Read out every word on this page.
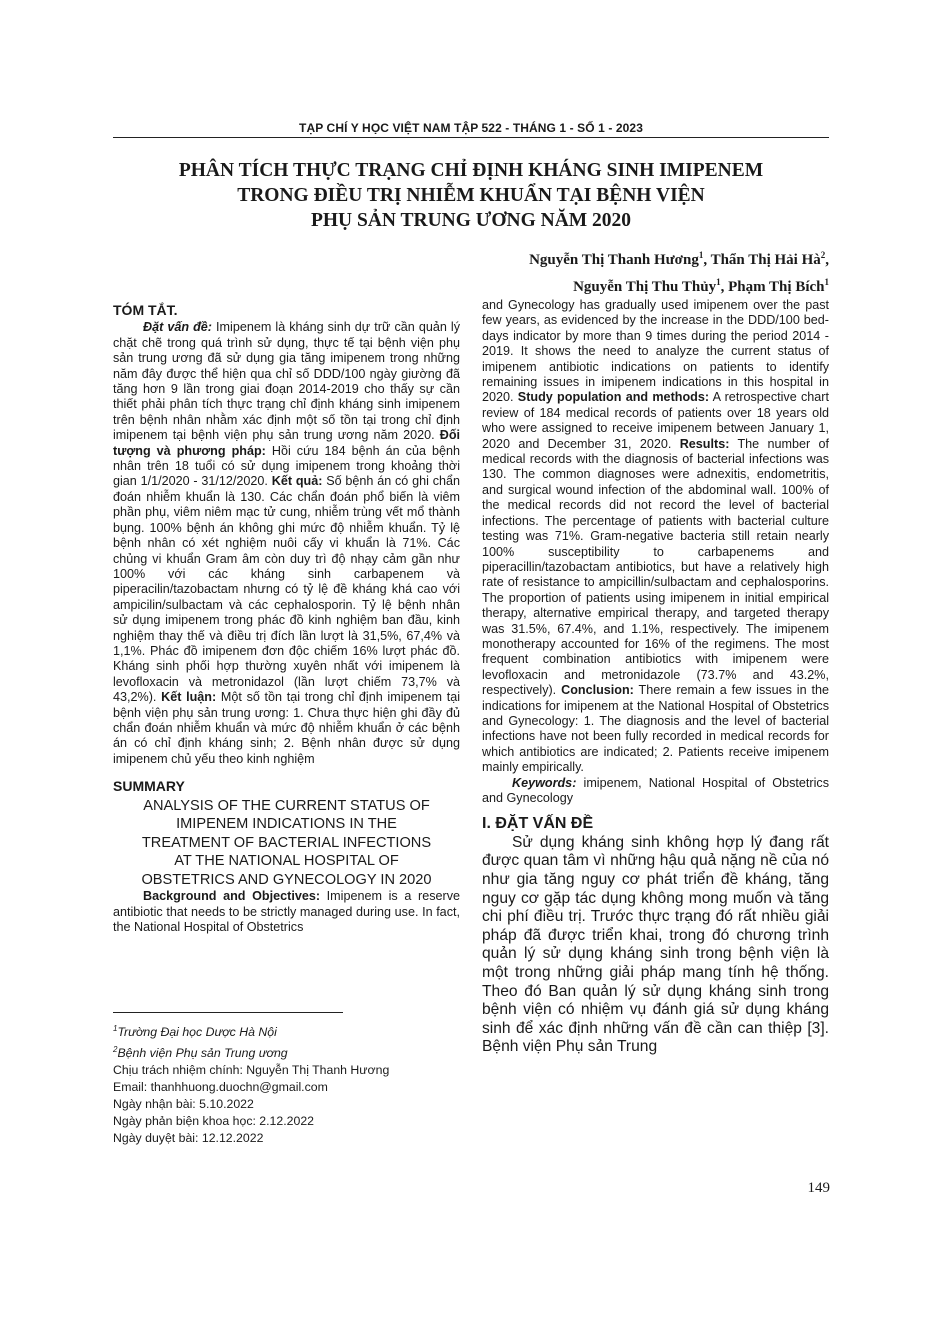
TẠP CHÍ Y HỌC VIỆT NAM TẬP 522 - THÁNG 1 - SỐ 1 - 2023
PHÂN TÍCH THỰC TRẠNG CHỈ ĐỊNH KHÁNG SINH IMIPENEM
TRONG ĐIỀU TRỊ NHIỄM KHUẨN TẠI BỆNH VIỆN
PHỤ SẢN TRUNG ƯƠNG NĂM 2020
Nguyễn Thị Thanh Hương$^1$, Thẩn Thị Hải $Hà^2$,
Nguyễn Thị Thu Thủy$^1$, Phạm Thị Bích$^1$
TÓM TẮT.

Đặt vấn đề: Imipenem là kháng sinh dự trữ cần quản lý chặt chẽ trong quá trình sử dụng, thực tế tại bệnh viện phụ sản trung ương đã sử dụng gia tăng imipenem trong những năm đây được thể hiện qua chỉ số DDD/100 ngày giường đã tăng hơn 9 lần trong giai đoạn 2014-2019 cho thấy sự cần thiết phải phân tích thực trạng chỉ định kháng sinh imipenem trên bệnh nhân nhằm xác định một số tồn tại trong chỉ định imipenem tại bệnh viện phụ sản trung ương năm 2020. Đối tượng và phương pháp: Hồi cứu 184 bệnh án của bệnh nhân trên 18 tuổi có sử dụng imipenem trong khoảng thời gian 1/1/2020 - 31/12/2020. Kết quả: Số bệnh án có ghi chẩn đoán nhiễm khuẩn là 130. Các chẩn đoán phổ biến là viêm phần phụ, viêm niêm mạc tử cung, nhiễm trùng vết mổ thành bụng. 100% bệnh án không ghi mức độ nhiễm khuẩn. Tỷ lệ bệnh nhân có xét nghiệm nuôi cấy vi khuẩn là 71%. Các chủng vi khuẩn Gram âm còn duy trì độ nhạy cảm gần như 100% với các kháng sinh carbapenem và piperacilin/tazobactam nhưng có tỷ lệ đề kháng khá cao với ampicilin/sulbactam và các cephalosporin. Tỷ lệ bệnh nhân sử dụng imipenem trong phác đồ kinh nghiệm ban đầu, kinh nghiệm thay thế và điều trị đích lần lượt là 31,5%, 67,4% và 1,1%. Phác đồ imipenem đơn độc chiếm 16% lượt phác đồ. Kháng sinh phối hợp thường xuyên nhất với imipenem là levofloxacin và metronidazol (lần lượt chiếm 73,7% và 43,2%). Kết luận: Một số tồn tại trong chỉ định imipenem tại bệnh viện phụ sản trung ương: 1. Chưa thực hiện ghi đầy đủ chẩn đoán nhiễm khuẩn và mức độ nhiễm khuẩn ở các bệnh án có chỉ định kháng sinh; 2. Bệnh nhân được sử dụng imipenem chủ yếu theo kinh nghiệm

SUMMARY
ANALYSIS OF THE CURRENT STATUS OF
IMIPENEM INDICATIONS IN THE
TREATMENT OF BACTERIAL INFECTIONS
AT THE NATIONAL HOSPITAL OF
OBSTETRICS AND GYNECOLOGY IN 2020

Background and Objectives: Imipenem is a reserve antibiotic that needs to be strictly managed during use. In fact, the National Hospital of Obstetrics

and Gynecology has gradually used imipenem over the past few years, as evidenced by the increase in the DDD/100 bed-days indicator by more than 9 times during the period 2014 - 2019. It shows the need to analyze the current status of imipenem antibiotic indications on patients to identify remaining issues in imipenem indications in this hospital in 2020. Study population and methods: A retrospective chart review of 184 medical records of patients over 18 years old who were assigned to receive imipenem between January 1, 2020 and December 31, 2020. Results: The number of medical records with the diagnosis of bacterial infections was 130. The common diagnoses were adnexitis, endometritis, and surgical wound infection of the abdominal wall. 100% of the medical records did not record the level of bacterial infections. The percentage of patients with bacterial culture testing was 71%. Gram-negative bacteria still retain nearly 100% susceptibility to carbapenems and piperacillin/tazobactam antibiotics, but have a relatively high rate of resistance to ampicillin/sulbactam and cephalosporins. The proportion of patients using imipenem in initial empirical therapy, alternative empirical therapy, and targeted therapy was 31.5%, 67.4%, and 1.1%, respectively. The imipenem monotherapy accounted for 16% of the regimens. The most frequent combination antibiotics with imipenem were levofloxacin and metronidazole (73.7% and 43.2%, respectively). Conclusion: There remain a few issues in the indications for imipenem at the National Hospital of Obstetrics and Gynecology: 1. The diagnosis and the level of bacterial infections have not been fully recorded in medical records for which antibiotics are indicated; 2. Patients receive imipenem mainly empirically.

Keywords: imipenem, National Hospital of Obstetrics and Gynecology

I. ĐẶT VẤN ĐỀ

Sử dụng kháng sinh không hợp lý đang rất được quan tâm vì những hậu quả nặng nề của nó như gia tăng nguy cơ phát triển đề kháng, tăng nguy cơ gặp tác dụng không mong muốn và tăng chi phí điều trị. Trước thực trạng đó rất nhiều giải pháp đã được triển khai, trong đó chương trình quản lý sử dụng kháng sinh trong bệnh viện là một trong những giải pháp mang tính hệ thống. Theo đó Ban quản lý sử dụng kháng sinh trong bệnh viện có nhiệm vụ đánh giá sử dụng kháng sinh để xác định những vấn đề cần can thiệp [3]. Bệnh viện Phụ sản Trung

$^1$Trường Đại học Dược Hà Nội
$^2$Bệnh viện Phụ sản Trung ương
Chịu trách nhiệm chính: Nguyễn Thị Thanh Hương
Email: thanhhuong.duochn@gmail.com
Ngày nhận bài: 5.10.2022
Ngày phản biện khoa học: 2.12.2022
Ngày duyệt bài: 12.12.2022
149
